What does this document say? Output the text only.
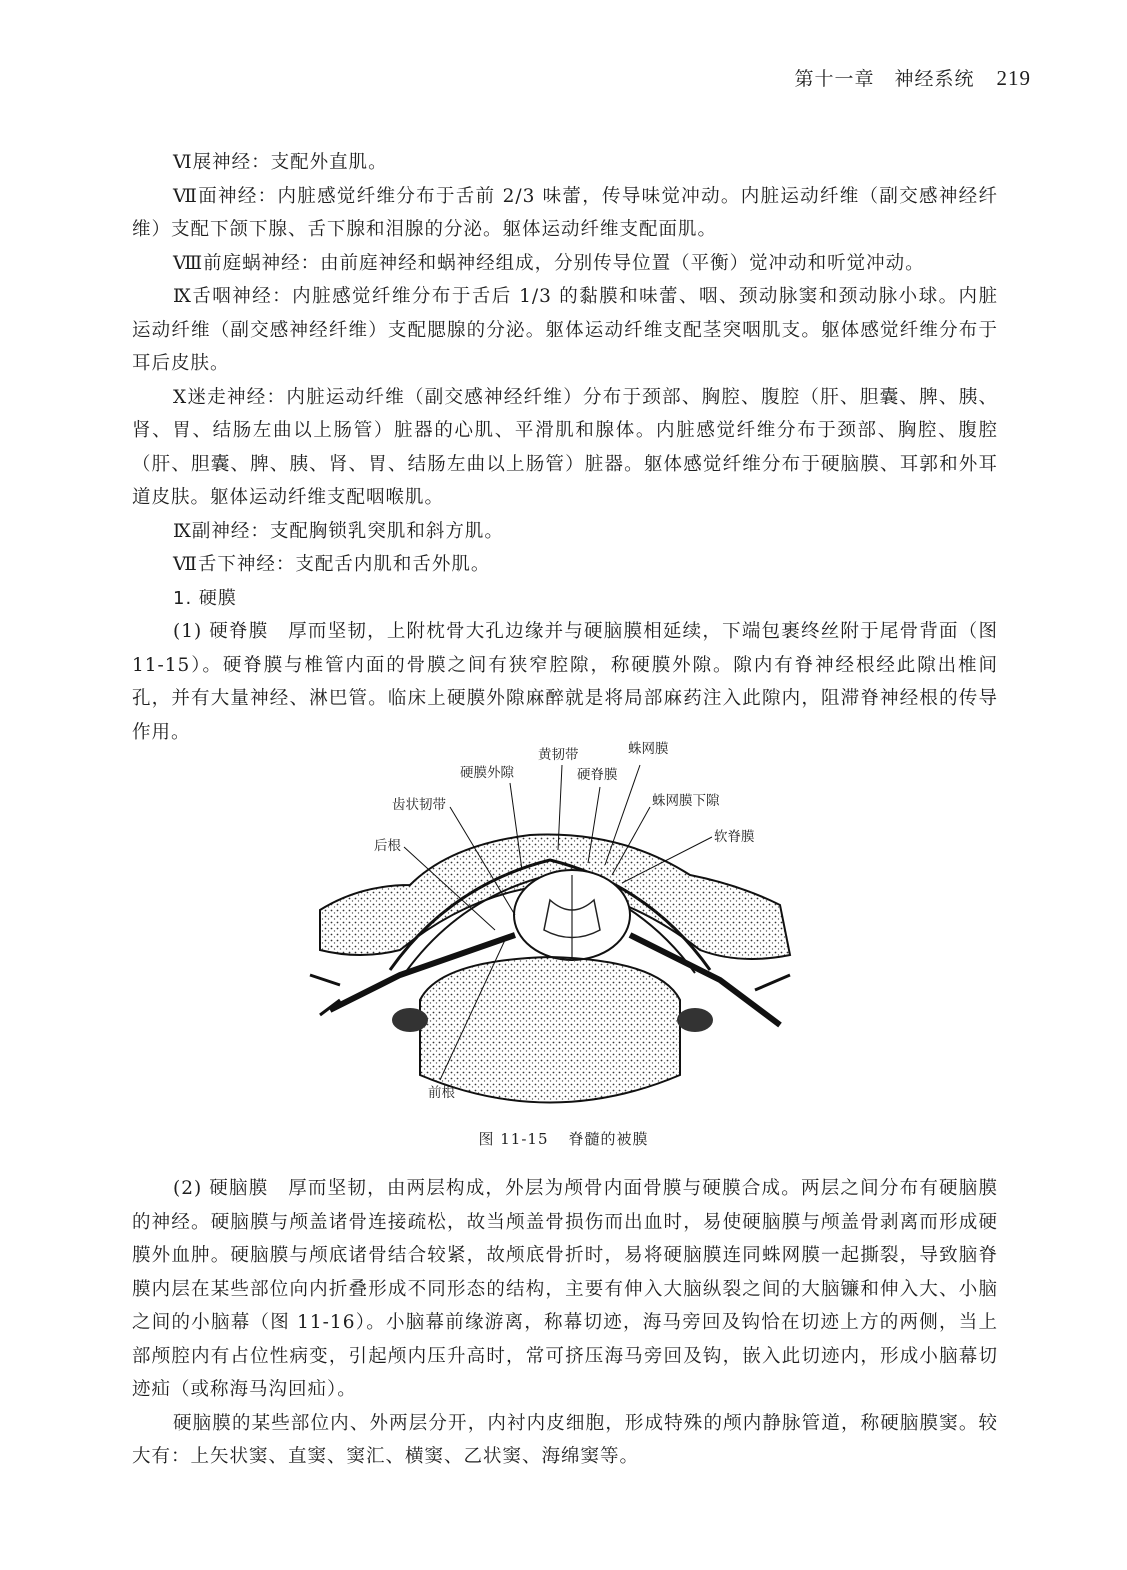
第十一章　神经系统 219

Ⅵ展神经：支配外直肌。

Ⅶ面神经：内脏感觉纤维分布于舌前 2/3 味蕾，传导味觉冲动。内脏运动纤维（副交感神经纤维）支配下颌下腺、舌下腺和泪腺的分泌。躯体运动纤维支配面肌。

Ⅷ前庭蜗神经：由前庭神经和蜗神经组成，分别传导位置（平衡）觉冲动和听觉冲动。

Ⅸ舌咽神经：内脏感觉纤维分布于舌后 1/3 的黏膜和味蕾、咽、颈动脉窦和颈动脉小球。内脏运动纤维（副交感神经纤维）支配腮腺的分泌。躯体运动纤维支配茎突咽肌支。躯体感觉纤维分布于耳后皮肤。

Ⅹ迷走神经：内脏运动纤维（副交感神经纤维）分布于颈部、胸腔、腹腔（肝、胆囊、脾、胰、肾、胃、结肠左曲以上肠管）脏器的心肌、平滑肌和腺体。内脏感觉纤维分布于颈部、胸腔、腹腔（肝、胆囊、脾、胰、肾、胃、结肠左曲以上肠管）脏器。躯体感觉纤维分布于硬脑膜、耳郭和外耳道皮肤。躯体运动纤维支配咽喉肌。

Ⅸ副神经：支配胸锁乳突肌和斜方肌。

Ⅶ舌下神经：支配舌内肌和舌外肌。

1. 硬膜

(1) 硬脊膜　厚而坚韧，上附枕骨大孔边缘并与硬脑膜相延续，下端包裹终丝附于尾骨背面（图 11-15）。硬脊膜与椎管内面的骨膜之间有狭窄腔隙，称硬膜外隙。隙内有脊神经根经此隙出椎间孔，并有大量神经、淋巴管。临床上硬膜外隙麻醉就是将局部麻药注入此隙内，阻滞脊神经根的传导作用。

黄韧带	蛛网膜
硬膜外隙	硬脊膜
齿状韧带	蛛网膜下隙
后根
软脊膜
前根
图 11-15 脊髓的被膜

(2) 硬脑膜　厚而坚韧，由两层构成，外层为颅骨内面骨膜与硬膜合成。两层之间分布有硬脑膜的神经。硬脑膜与颅盖诸骨连接疏松，故当颅盖骨损伤而出血时，易使硬脑膜与颅盖骨剥离而形成硬膜外血肿。硬脑膜与颅底诸骨结合较紧，故颅底骨折时，易将硬脑膜连同蛛网膜一起撕裂，导致脑脊膜内层在某些部位向内折叠形成不同形态的结构，主要有伸入大脑纵裂之间的大脑镰和伸入大、小脑之间的小脑幕（图 11-16）。小脑幕前缘游离，称幕切迹，海马旁回及钩恰在切迹上方的两侧，当上部颅腔内有占位性病变，引起颅内压升高时，常可挤压海马旁回及钩，嵌入此切迹内，形成小脑幕切迹疝（或称海马沟回疝）。

硬脑膜的某些部位内、外两层分开，内衬内皮细胞，形成特殊的颅内静脉管道，称硬脑膜窦。较大有：上矢状窦、直窦、窦汇、横窦、乙状窦、海绵窦等。
